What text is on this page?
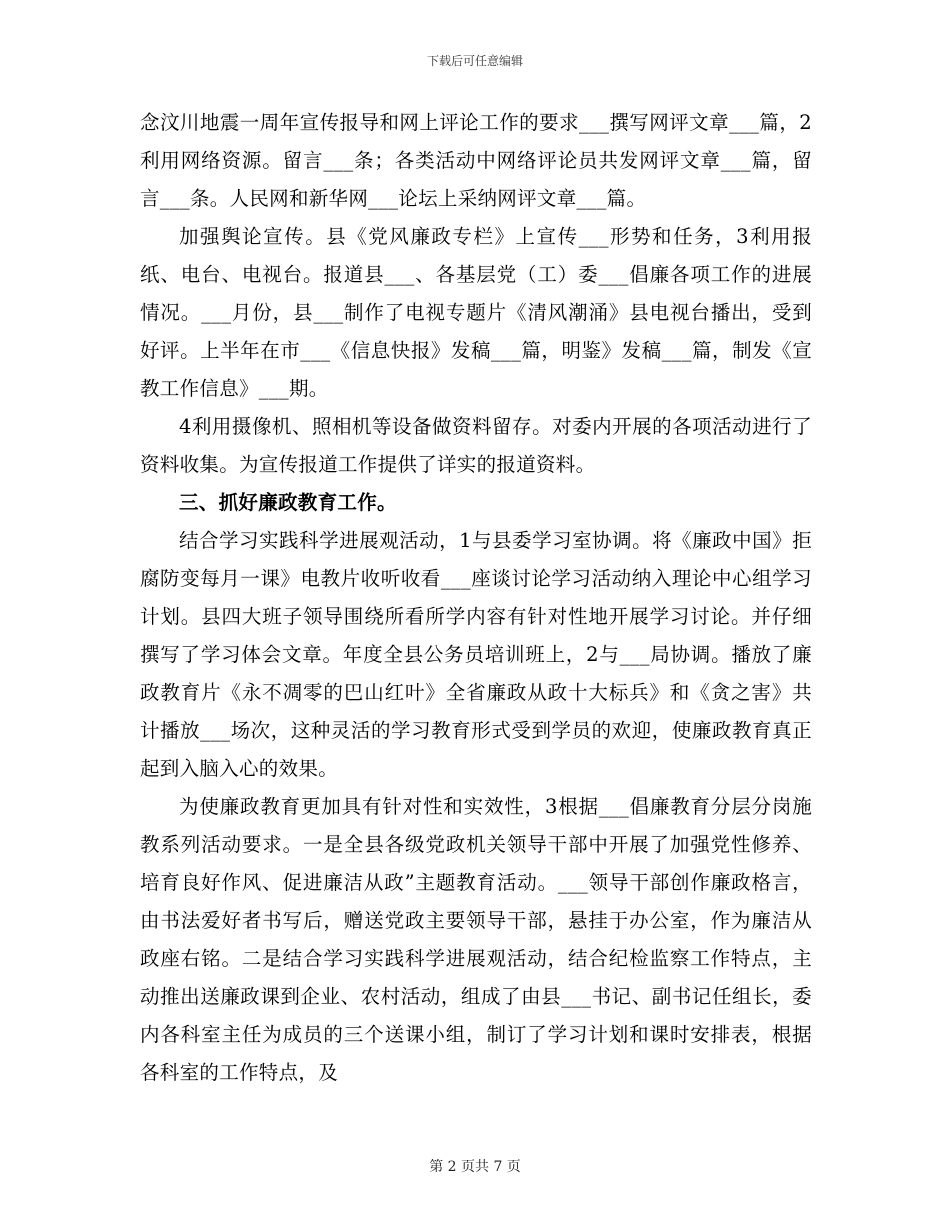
下载后可任意编辑

念汶川地震一周年宣传报导和网上评论工作的要求___撰写网评文章___篇，2利用网络资源。留言___条；各类活动中网络评论员共发网评文章___篇，留言___条。人民网和新华网___论坛上采纳网评文章___篇。

加强舆论宣传。县《党风廉政专栏》上宣传___形势和任务，3利用报纸、电台、电视台。报道县___、各基层党（工）委___倡廉各项工作的进展情况。___月份，县___制作了电视专题片《清风潮涌》县电视台播出，受到好评。上半年在市___《信息快报》发稿___篇，明鉴》发稿___篇，制发《宣教工作信息》___期。

4利用摄像机、照相机等设备做资料留存。对委内开展的各项活动进行了资料收集。为宣传报道工作提供了详实的报道资料。

三、抓好廉政教育工作。

结合学习实践科学进展观活动，1与县委学习室协调。将《廉政中国》拒腐防变每月一课》电教片收听收看___座谈讨论学习活动纳入理论中心组学习计划。县四大班子领导围绕所看所学内容有针对性地开展学习讨论。并仔细撰写了学习体会文章。年度全县公务员培训班上，2与___局协调。播放了廉政教育片《永不凋零的巴山红叶》全省廉政从政十大标兵》和《贪之害》共计播放___场次，这种灵活的学习教育形式受到学员的欢迎，使廉政教育真正起到入脑入心的效果。

为使廉政教育更加具有针对性和实效性，3根据___倡廉教育分层分岗施教系列活动要求。一是全县各级党政机关领导干部中开展了加强党性修养、培育良好作风、促进廉洁从政”主题教育活动。___领导干部创作廉政格言，由书法爱好者书写后，赠送党政主要领导干部，悬挂于办公室，作为廉洁从政座右铭。二是结合学习实践科学进展观活动，结合纪检监察工作特点，主动推出送廉政课到企业、农村活动，组成了由县___书记、副书记任组长，委内各科室主任为成员的三个送课小组，制订了学习计划和课时安排表，根据各科室的工作特点，及

第 2 页共 7 页
